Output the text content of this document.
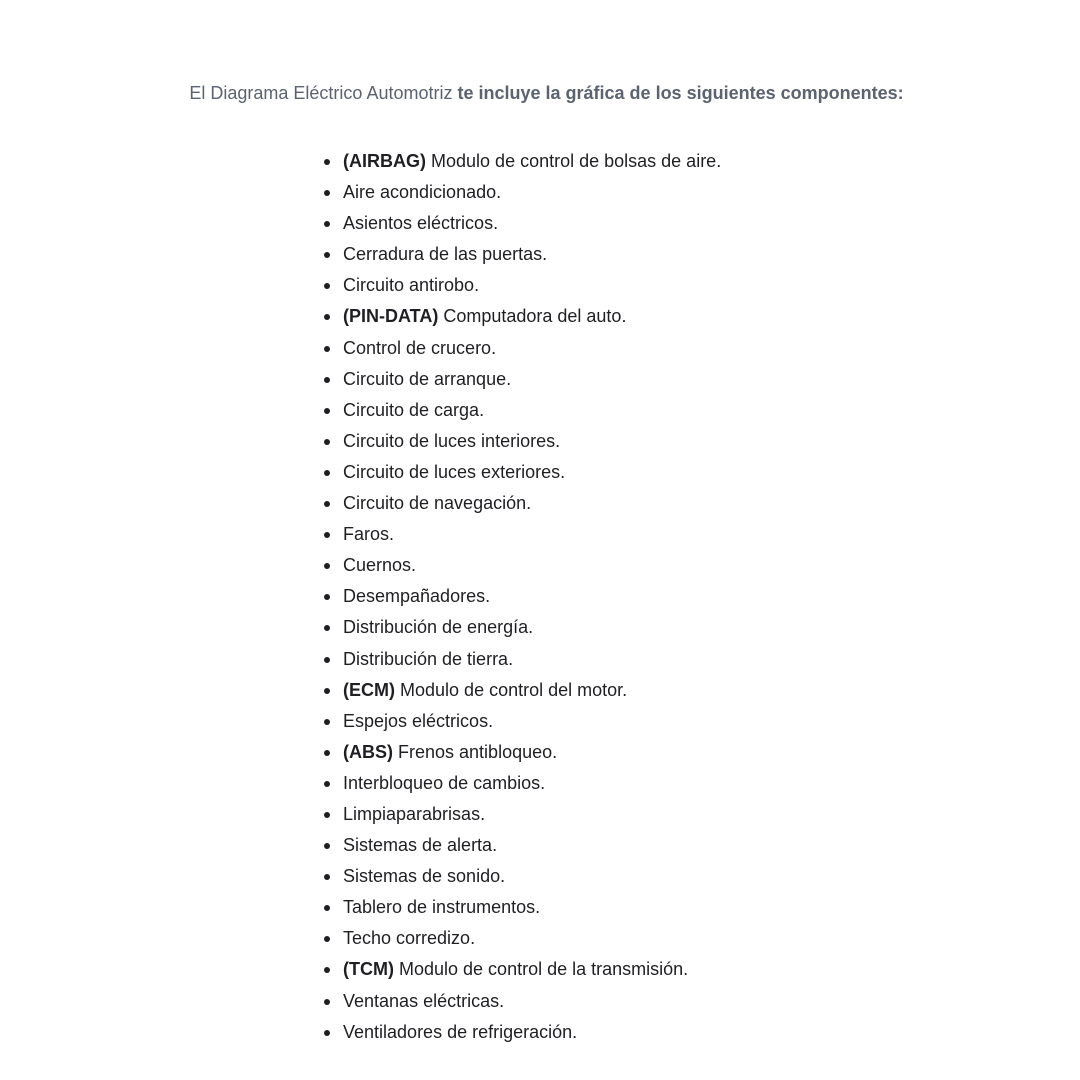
El Diagrama Eléctrico Automotriz te incluye la gráfica de los siguientes componentes:

(AIRBAG) Modulo de control de bolsas de aire.
Aire acondicionado.
Asientos eléctricos.
Cerradura de las puertas.
Circuito antirobo.
(PIN-DATA) Computadora del auto.
Control de crucero.
Circuito de arranque.
Circuito de carga.
Circuito de luces interiores.
Circuito de luces exteriores.
Circuito de navegación.
Faros.
Cuernos.
Desempañadores.
Distribución de energía.
Distribución de tierra.
(ECM) Modulo de control del motor.
Espejos eléctricos.
(ABS) Frenos antibloqueo.
Interbloqueo de cambios.
Limpiaparabrisas.
Sistemas de alerta.
Sistemas de sonido.
Tablero de instrumentos.
Techo corredizo.
(TCM) Modulo de control de la transmisión.
Ventanas eléctricas.
Ventiladores de refrigeración.
